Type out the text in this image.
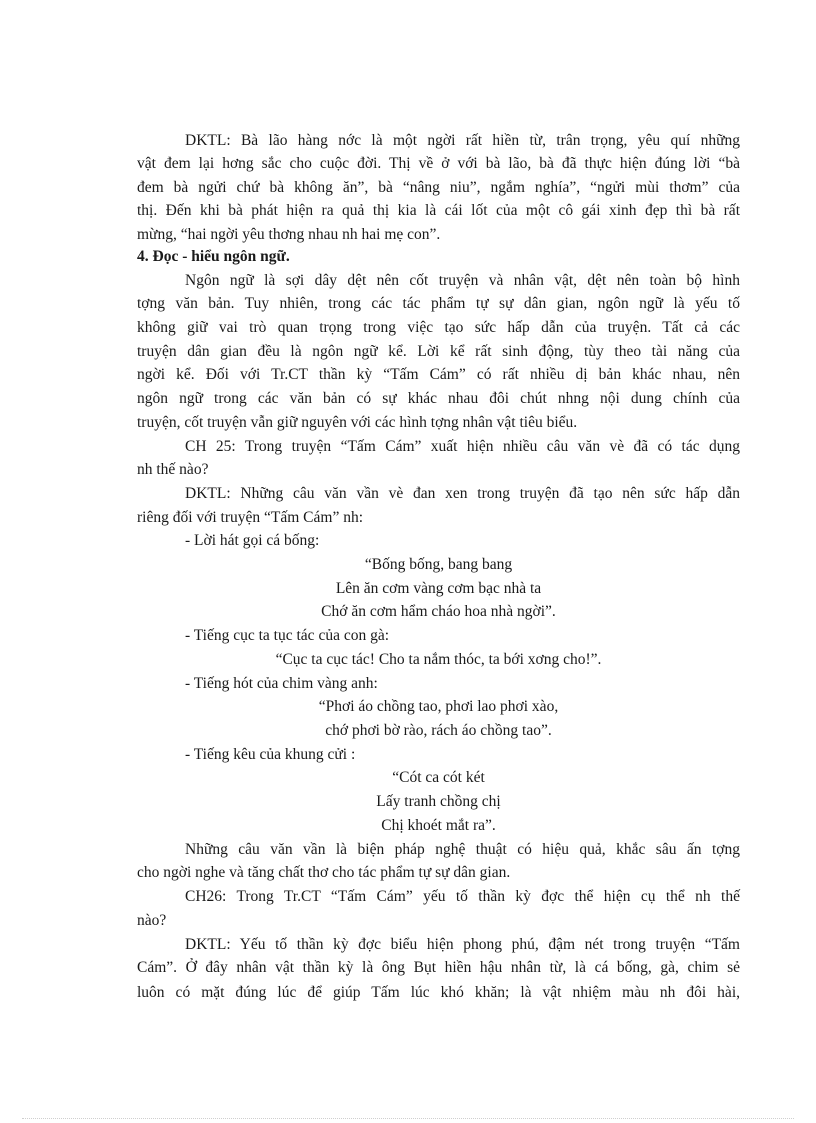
DKTL: Bà lão hàng nớc là một ngời rất hiền từ, trân trọng, yêu quí những
vật đem lại hơng sắc cho cuộc đời. Thị về ở với bà lão, bà đã thực hiện đúng lời “bà
đem bà ngửi chứ bà không ăn”, bà “nâng niu”, ngắm nghía”, “ngửi mùi thơm” của
thị. Đến khi bà phát hiện ra quả thị kia là cái lốt của một cô gái xinh đẹp thì bà rất
mừng, “hai ngời yêu thơng nhau nh hai mẹ con”.
4. Đọc - hiểu ngôn ngữ.
Ngôn ngữ là sợi dây dệt nên cốt truyện và nhân vật, dệt nên toàn bộ hình
tợng văn bản. Tuy nhiên, trong các tác phẩm tự sự dân gian, ngôn ngữ là yếu tố
không giữ vai trò quan trọng trong việc tạo sức hấp dẫn của truyện. Tất cả các
truyện dân gian đều là ngôn ngữ kể. Lời kể rất sinh động, tùy theo tài năng của
ngời kể. Đối với Tr.CT thần kỳ “Tấm Cám” có rất nhiều dị bản khác nhau, nên
ngôn ngữ trong các văn bản có sự khác nhau đôi chút nhng nội dung chính của
truyện, cốt truyện vẫn giữ nguyên với các hình tợng nhân vật tiêu biểu.
CH 25: Trong truyện “Tấm Cám” xuất hiện nhiều câu văn vè đã có tác dụng
nh thế nào?
DKTL: Những câu văn vần vè đan xen trong truyện đã tạo nên sức hấp dẫn
riêng đối với truyện “Tấm Cám” nh:
- Lời hát gọi cá bống:
“Bống bống, bang bang
Lên ăn cơm vàng cơm bạc nhà ta
Chớ ăn cơm hẩm cháo hoa nhà ngời”.
- Tiếng cục ta tục tác của con gà:
“Cục ta cục tác! Cho ta nắm thóc, ta bới xơng cho!”.
- Tiếng hót của chim vàng anh:
“Phơi áo chồng tao, phơi lao phơi xào,
chớ phơi bờ rào, rách áo chồng tao”.
- Tiếng kêu của khung cửi :
“Cót ca cót két
Lấy tranh chồng chị
Chị khoét mắt ra”.
Những câu văn vần là biện pháp nghệ thuật có hiệu quả, khắc sâu ấn tợng
cho ngời nghe và tăng chất thơ cho tác phẩm tự sự dân gian.
CH26: Trong Tr.CT “Tấm Cám” yếu tố thần kỳ đợc thể hiện cụ thể nh thế
nào?
DKTL: Yếu tố thần kỳ đợc biểu hiện phong phú, đậm nét trong truyện “Tấm
Cám”. Ở đây nhân vật thần kỳ là ông Bụt hiền hậu nhân từ, là cá bống, gà, chim sẻ
luôn có mặt đúng lúc để giúp Tấm lúc khó khăn; là vật nhiệm màu nh đôi hài,
